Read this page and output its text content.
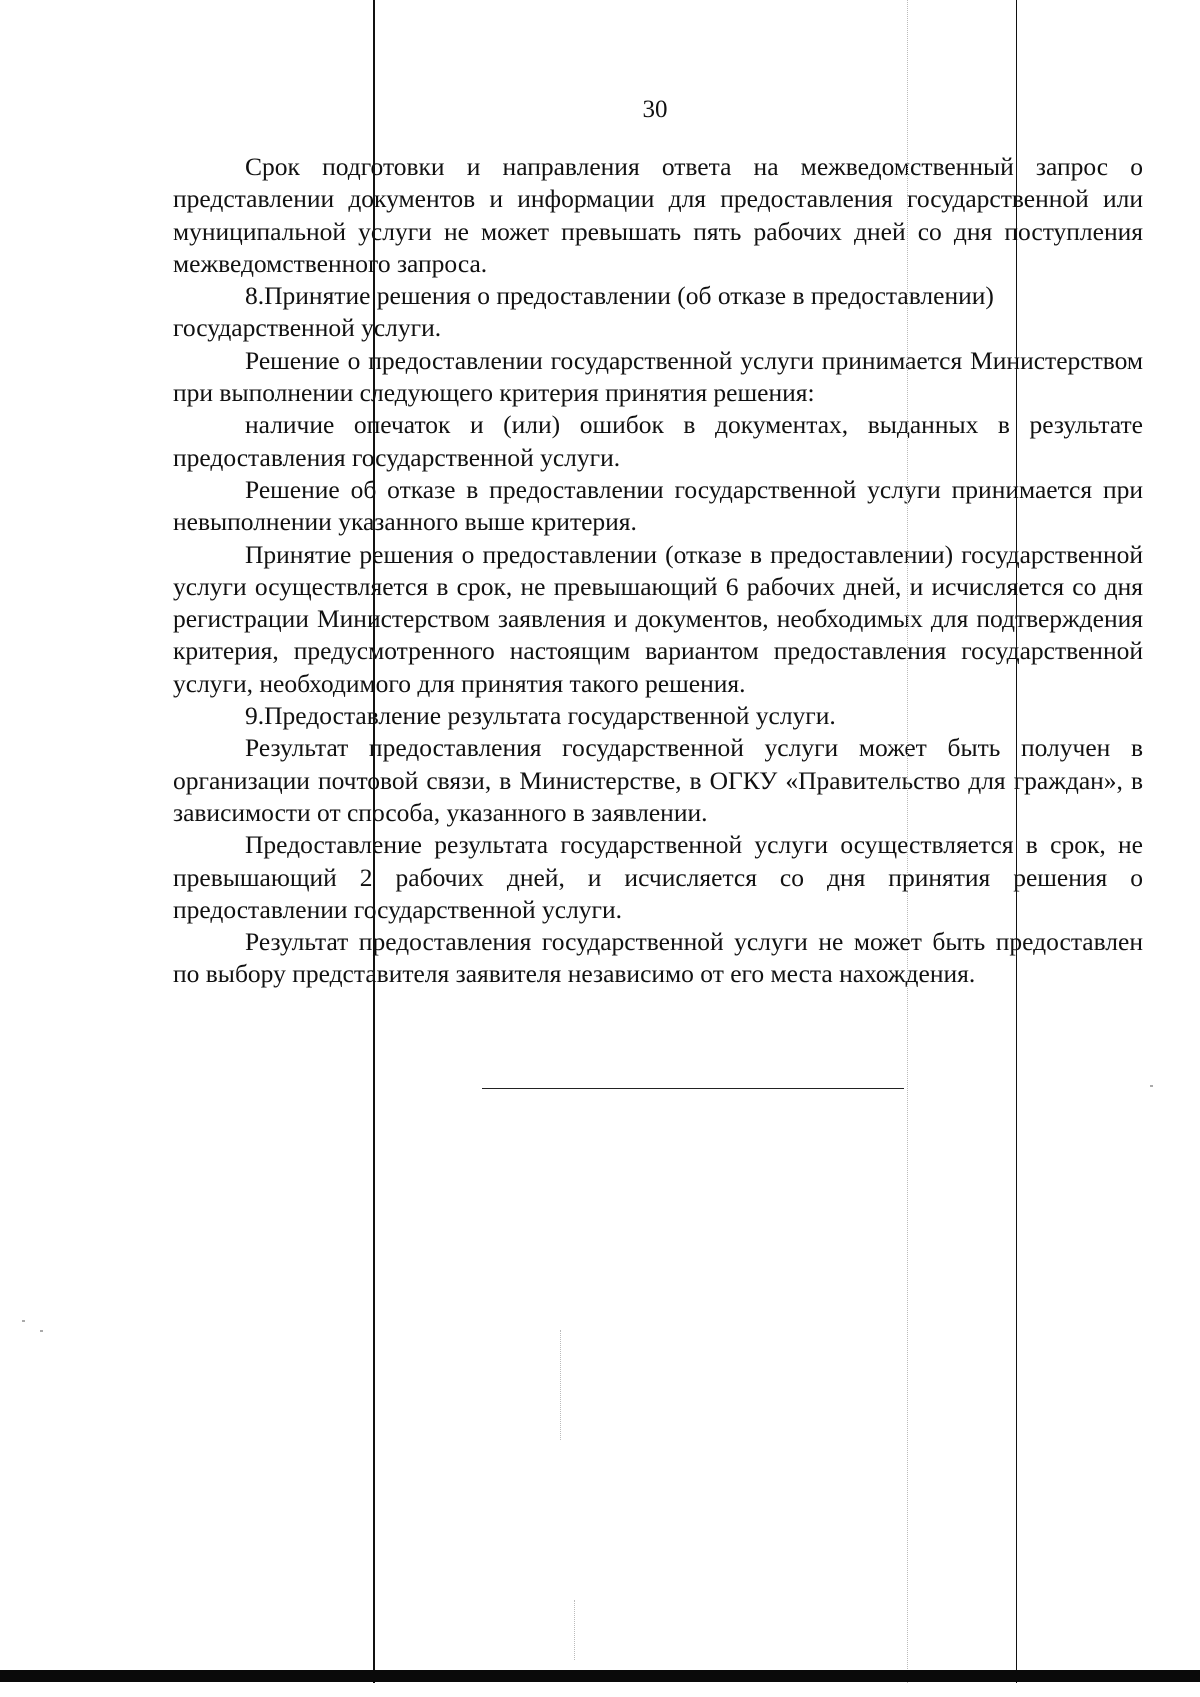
30

Срок подготовки и направления ответа на межведомственный запрос о представлении документов и информации для предоставления государственной или муниципальной услуги не может превышать пять рабочих дней со дня поступления межведомственного запроса.

8.Принятие решения о предоставлении (об отказе в предоставлении) государственной услуги.

Решение о предоставлении государственной услуги принимается Министерством при выполнении следующего критерия принятия решения:

наличие опечаток и (или) ошибок в документах, выданных в результате предоставления государственной услуги.

Решение об отказе в предоставлении государственной услуги принимается при невыполнении указанного выше критерия.

Принятие решения о предоставлении (отказе в предоставлении) государственной услуги осуществляется в срок, не превышающий 6 рабочих дней, и исчисляется со дня регистрации Министерством заявления и документов, необходимых для подтверждения критерия, предусмотренного настоящим вариантом предоставления государственной услуги, необходимого для принятия такого решения.

9.Предоставление результата государственной услуги.

Результат предоставления государственной услуги может быть получен в организации почтовой связи, в Министерстве, в ОГКУ «Правительство для граждан», в зависимости от способа, указанного в заявлении.

Предоставление результата государственной услуги осуществляется в срок, не превышающий 2 рабочих дней, и исчисляется со дня принятия решения о предоставлении государственной услуги.

Результат предоставления государственной услуги не может быть предоставлен по выбору представителя заявителя независимо от его места нахождения.
